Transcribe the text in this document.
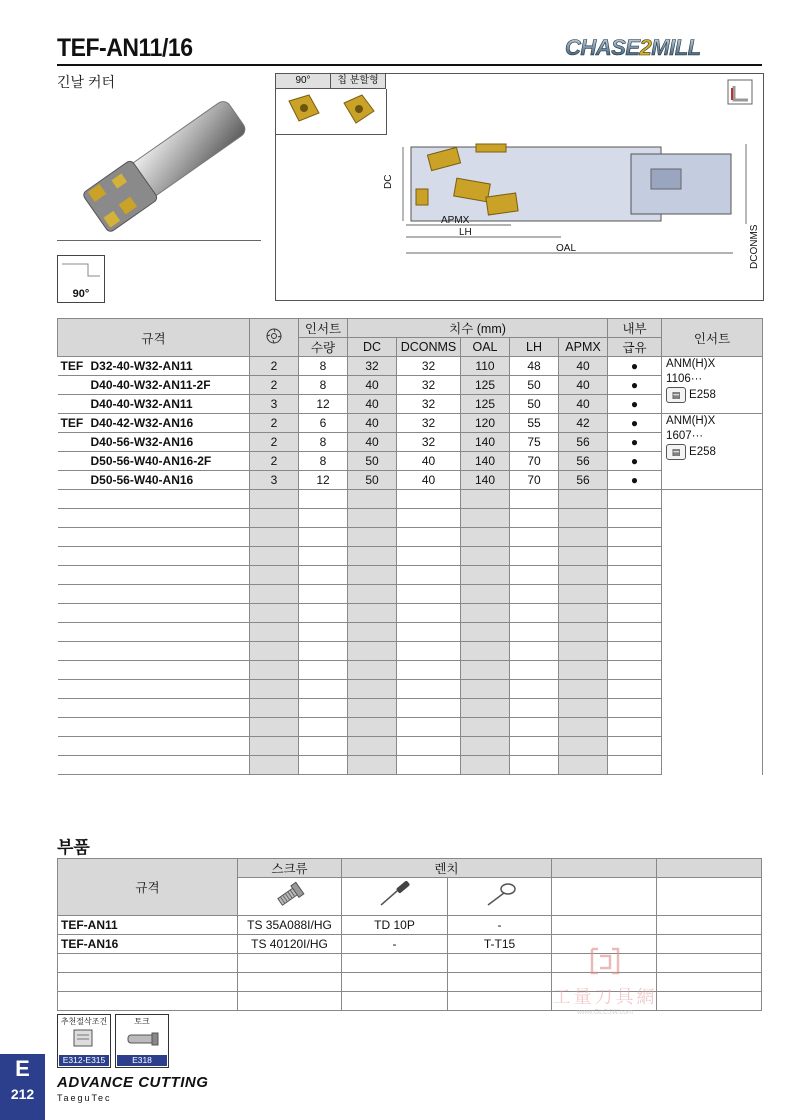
TEF-AN11/16	CHASE2MILL
긴날 커터
90°
90°	칩 분할형
DC
APMX
LH
OAL	DCONMS
규격		인서트	치수 (mm)					내부	인서트
		수량	DC	DCONMS	OAL	LH	APMX	급유	
TEF D32-40-W32-AN11	2	8	32	32	110	48	40	●	ANM(H)X
1106···
▤ E258

D40-40-W32-AN11-2F	2	8	40	32	125	50	40	●	
D40-40-W32-AN11	3	12	40	32	125	50	40	●	
TEF D40-42-W32-AN16	2	6	40	32	120	55	42	●	ANM(H)X
1607···
▤ E258

D40-56-W32-AN16	2	8	40	32	140	75	56	●	
D50-56-W40-AN16-2F	2	8	50	40	140	70	56	●	
D50-56-W40-AN16	3	12	50	40	140	70	56	●	

부품
규격	스크류	렌치			

TEF-AN11	TS 35A088I/HG	TD 10P	-		
TEF-AN16	TS 40120I/HG	-	T-T15		

工量刀具網
www.GLCJW.com
추천절삭조건
E312-E315
토크
E318
E
212
ADVANCE CUTTING
TaeguTec
